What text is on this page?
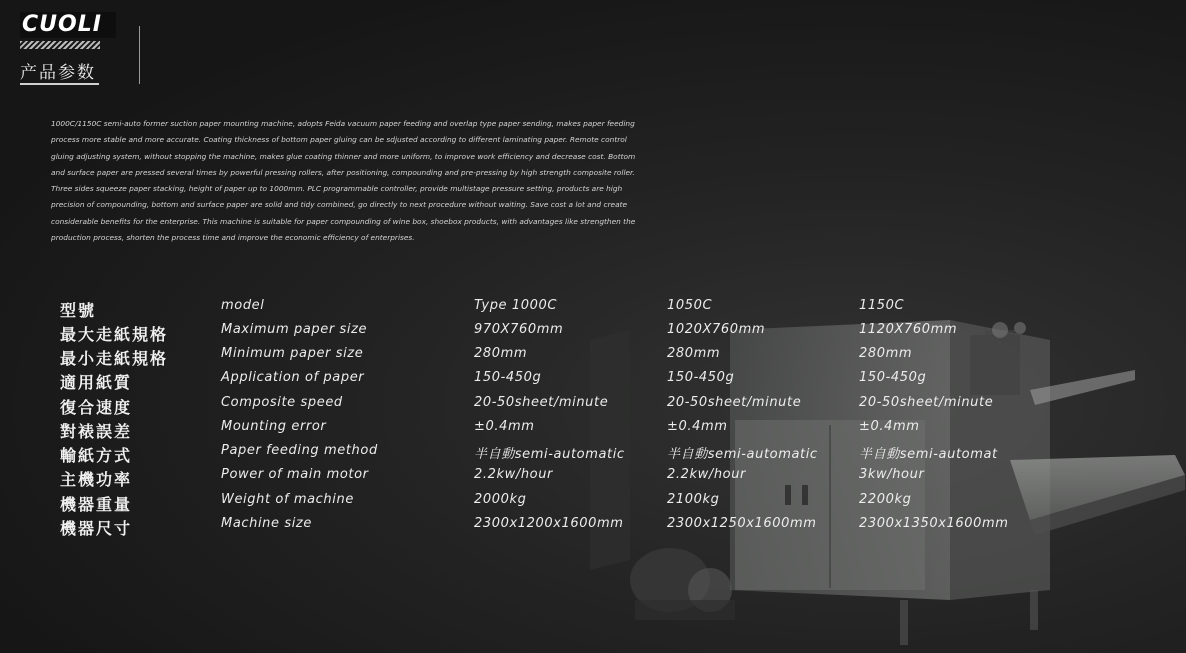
CUOLI
产品参数
1000C/1150C semi-auto former suction paper mounting machine, adopts Feida vacuum paper feeding and overlap type paper sending, makes paper feeding process more stable and more accurate. Coating thickness of bottom paper gluing can be sdjusted according to different laminating paper. Remote control gluing adjusting system, without stopping the machine, makes glue coating thinner and more uniform, to improve work efficiency and decrease cost. Bottom and surface paper are pressed several times by powerful pressing rollers, after positioning, compounding and pre-pressing by high strength composite roller. Three sides squeeze paper stacking, height of paper up to 1000mm. PLC programmable controller, provide multistage pressure setting, products are high precision of compounding, bottom and surface paper are solid and tidy combined, go directly to next procedure without waiting. Save cost a lot and create considerable benefits for the enterprise. This machine is suitable for paper compounding of wine box, shoebox products, with advantages like strengthen the production process, shorten the process time and improve the economic efficiency of enterprises.
型號	model	Type 1000C	1050C	1150C
最大走紙規格	Maximum paper size	970X760mm	1020X760mm	1120X760mm
最小走紙規格	Minimum paper size	280mm	280mm	280mm
適用紙質	Application of paper	150-450g	150-450g	150-450g
復合速度	Composite speed	20-50sheet/minute	20-50sheet/minute	20-50sheet/minute
對裱誤差	Mounting error	±0.4mm	±0.4mm	±0.4mm
輸紙方式	Paper feeding method	半自動semi-automatic	半自動semi-automatic	半自動semi-automat
主機功率	Power of main motor	2.2kw/hour	2.2kw/hour	3kw/hour
機器重量	Weight of machine	2000kg	2100kg	2200kg
機器尺寸	Machine size	2300x1200x1600mm	2300x1250x1600mm	2300x1350x1600mm
